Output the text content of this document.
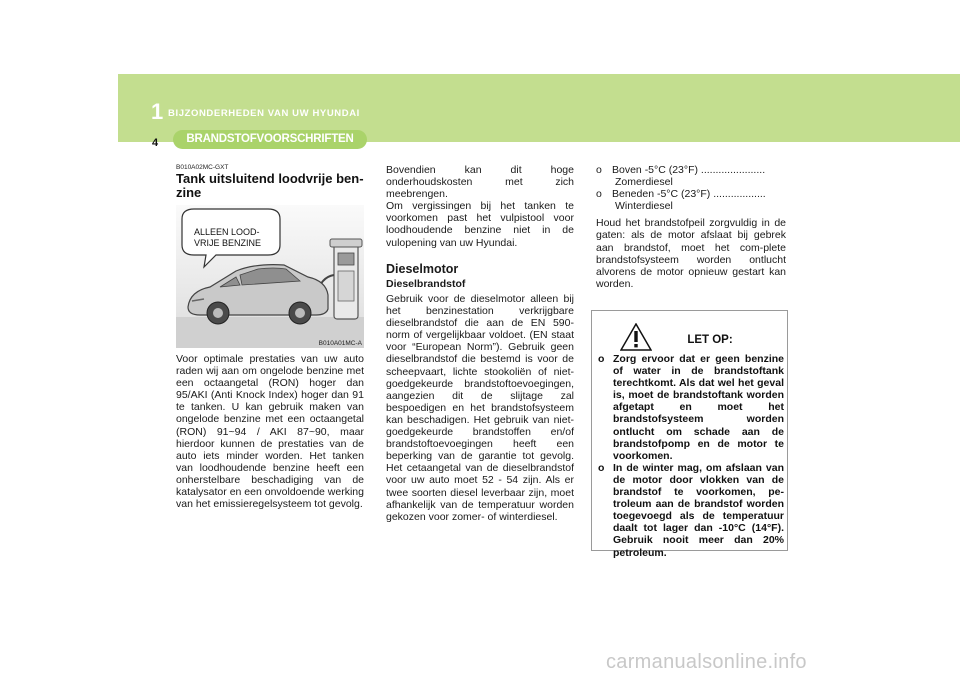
1 BIJZONDERHEDEN VAN UW HYUNDAI
4	BRANDSTOFVOORSCHRIFTEN
B010A02MC-GXT
Tank uitsluitend loodvrije ben-zine
ALLEEN LOOD-VRIJE BENZINE
B010A01MC-A
Voor optimale prestaties van uw auto raden wij aan om ongelode benzine met een octaangetal (RON) hoger dan 95/AKI (Anti Knock Index) hoger dan 91 te tanken. U kan gebruik maken van ongelode benzine met een octaangetal (RON) 91~94 / AKI 87~90, maar hierdoor kunnen de prestaties van de auto iets minder worden. Het tanken van loodhoudende benzine heeft een onherstelbare beschadiging van de katalysator en een onvoldoende werking van het emissieregelsysteem tot gevolg.
Bovendien kan dit hoge onderhoudskosten met zich meebrengen.
Om vergissingen bij het tanken te voorkomen past het vulpistool voor loodhoudende benzine niet in de vulopening van uw Hyundai.
Dieselmotor
Dieselbrandstof
Gebruik voor de dieselmotor alleen bij het benzinestation verkrijgbare dieselbrandstof die aan de EN 590-norm of vergelijkbaar voldoet. (EN staat voor “European Norm”). Gebruik geen dieselbrandstof die bestemd is voor de scheepvaart, lichte stookoliën of niet-goedgekeurde brandstoftoevoegingen, aangezien dit de slijtage zal bespoedigen en het brandstofsysteem kan beschadigen. Het gebruik van niet-goedgekeurde brandstoffen en/of brandstoftoevoegingen heeft een beperking van de garantie tot gevolg. Het cetaangetal van de dieselbrandstof voor uw auto moet 52 - 54 zijn. Als er twee soorten diesel leverbaar zijn, moet afhankelijk van de temperatuur worden gekozen voor zomer- of winterdiesel.
o Boven -5°C (23°F) ......................
Zomerdiesel
o Beneden -5°C (23°F) ..................
Winterdiesel
Houd het brandstofpeil zorgvuldig in de gaten: als de motor afslaat bij gebrek aan brandstof, moet het com-plete brandstofsysteem worden ontlucht alvorens de motor opnieuw gestart kan worden.
LET OP:
o Zorg ervoor dat er geen benzine of water in de brandstoftank terechtkomt. Als dat wel het geval is, moet de brandstoftank worden afgetapt en moet het brandstofsysteem worden ontlucht om schade aan de brandstofpomp en de motor te voorkomen.
o In de winter mag, om afslaan van de motor door vlokken van de brandstof te voorkomen, pe-troleum aan de brandstof worden toegevoegd als de temperatuur daalt tot lager dan -10°C (14°F). Gebruik nooit meer dan 20% petroleum.
carmanualsonline.info
